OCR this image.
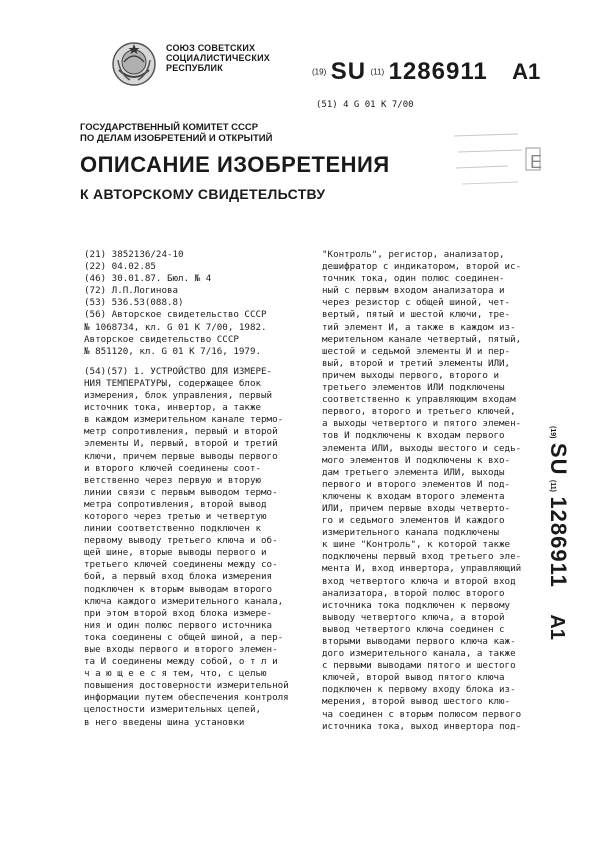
СОЮЗ СОВЕТСКИХ
СОЦИАЛИСТИЧЕСКИХ
РЕСПУБЛИК	(19) SU (11) 1286911 A1
(51) 4 G 01 K 7/00
E
ГОСУДАРСТВЕННЫЙ КОМИТЕТ СССР
ПО ДЕЛАМ ИЗОБРЕТЕНИЙ И ОТКРЫТИЙ
ОПИСАНИЕ ИЗОБРЕТЕНИЯ
К АВТОРСКОМУ СВИДЕТЕЛЬСТВУ
(21) 3852136/24-10
(22) 04.02.85
(46) 30.01.87. Бюл. № 4
(72) Л.П.Логинова
(53) 536.53(088.8)
(56) Авторское свидетельство СССР
№ 1068734, кл. G 01 K 7/00, 1982.
Авторское свидетельство СССР
№ 851120, кл. G 01 K 7/16, 1979.
(54)(57) 1. УСТРОЙСТВО ДЛЯ ИЗМЕРЕ-
НИЯ ТЕМПЕРАТУРЫ, содержащее блок
измерения, блок управления, первый
источник тока, инвертор, а также
в каждом измерительном канале термо-
метр сопротивления, первый и второй
элементы И, первый, второй и третий
ключи, причем первые выводы первого
и второго ключей соединены соот-
ветственно через первую и вторую
линии связи с первым выводом термо-
метра сопротивления, второй вывод
которого через третью и четвертую
линии соответственно подключен к
первому выводу третьего ключа и об-
щей шине, вторые выводы первого и
третьего ключей соединены между со-
бой, а первый вход блока измерения
подключен к вторым выводам второго
ключа каждого измерительного канала,
при этом второй вход блока измере-
ния и один полюс первого источника
тока соединены с общей шиной, а пер-
вые входы первого и второго элемен-
та И соединены между собой, о т л и
ч а ю щ е е с я тем, что, с целью
повышения достоверности измерительной
информации путем обеспечения контроля
целостности измерительных цепей,
в него введены шина установки
"Контроль", регистор, анализатор,
дешифратор с индикатором, второй ис-
точник тока, один полюс соединен-
ный с первым входом анализатора и
через резистор с общей шиной, чет-
вертый, пятый и шестой ключи, тре-
тий элемент И, а также в каждом из-
мерительном канале четвертый, пятый,
шестой и седьмой элементы И и пер-
вый, второй и третий элементы ИЛИ,
причем выходы первого, второго и
третьего элементов ИЛИ подключены
соответственно к управляющим входам
первого, второго и третьего ключей,
а выходы четвертого и пятого элемен-
тов И подключены к входам первого
элемента ИЛИ, выходы шестого и седь-
мого элементов И подключены к вхо-
дам третьего элемента ИЛИ, выходы
первого и второго элементов И под-
ключены к входам второго элемента
ИЛИ, причем первые входы четверто-
го и седьмого элементов И каждого
измерительного канала подключены
к шине "Контроль", к которой также
подключены первый вход третьего эле-
мента И, вход инвертора, управляющий
вход четвертого ключа и второй вход
анализатора, второй полюс второго
источника тока подключен к первому
выводу четвертого ключа, а второй
вывод четвертого ключа соединен с
вторыми выводами первого ключа каж-
дого измерительного канала, а также
с первыми выводами пятого и шестого
ключей, второй вывод пятого ключа
подключен к первому входу блока из-
мерения, второй вывод шестого клю-
ча соединен с вторым полюсом первого
источника тока, выход инвертора под-
(19) SU (11) 1286911 A1
